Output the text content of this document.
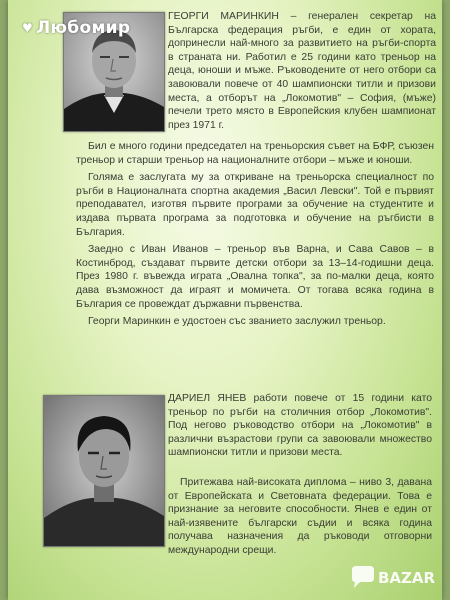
♥ Любомир
ГЕОРГИ МАРИНКИН – генерален секретар на Българска федерация ръгби, е един от хората, допринесли най-много за развитието на ръгби-спорта в страната ни. Работил е 25 години като треньор на деца, юноши и мъже. Ръководените от него отбори са завоювали повече от 40 шампионски титли и призови места, а отборът на „Локомотив" – София, (мъже) печели трето място в Европейския клубен шампионат през 1971 г.

Бил е много години председател на треньорския съвет на БФР, съюзен треньор и старши треньор на националните отбори – мъже и юноши.

Голяма е заслугата му за откриване на треньорска специалност по ръгби в Националната спортна академия „Васил Левски". Той е първият преподавател, изготвя първите програми за обучение на студентите и издава първата програма за подготовка и обучение на ръгбисти в България.

Заедно с Иван Иванов – треньор във Варна, и Сава Савов – в Костинброд, създават първите детски отбори за 13–14-годишни деца. През 1980 г. въвежда играта „Овална топка", за по-малки деца, която дава възможност да играят и момичета. От тогава всяка година в България се провеждат държавни първенства.

Георги Маринкин е удостоен със званието заслужил треньор.

ДАРИЕЛ ЯНЕВ работи повече от 15 години като треньор по ръгби на столичния отбор „Локомотив". Под негово ръководство отбори на „Локомотив" в различни възрастови групи са завоювали множество шампионски титли и призови места.

Притежава най-високата диплома – ниво 3, давана от Европейската и Световната федерации. Това е признание за неговите способности. Янев е един от най-изявените български съдии и всяка година получава назначения да ръководи отговорни международни срещи.

BAZAR
